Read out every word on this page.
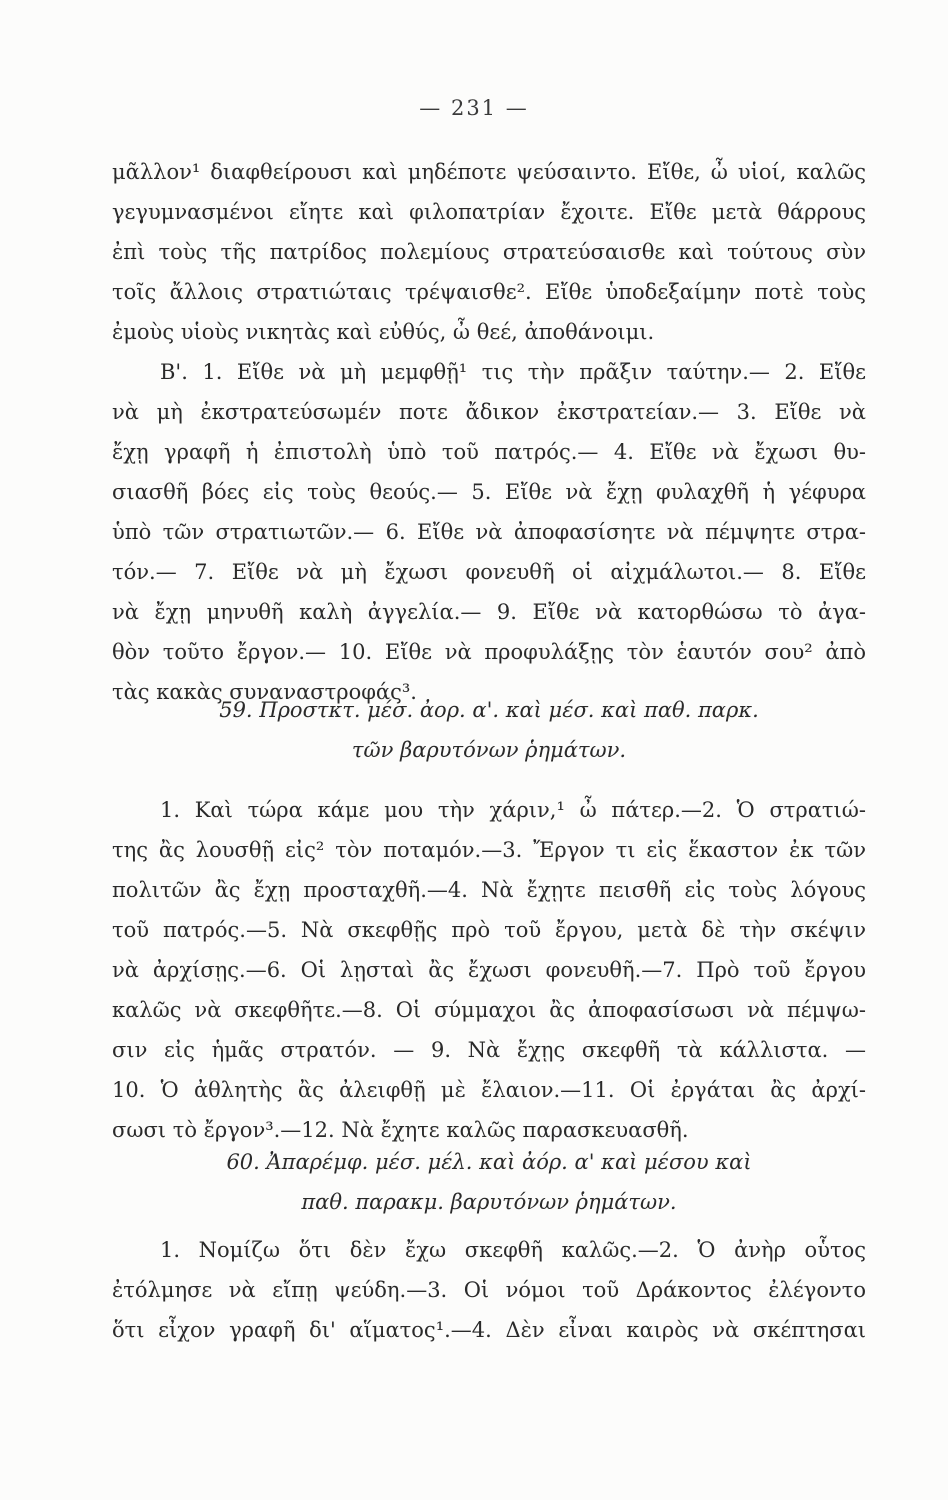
— 231 —
μᾶλλον¹ διαφθείρουσι καὶ μηδέποτε ψεύσαιντο. Εἴθε, ὦ υἱοί, καλῶς
γεγυμνασμένοι εἴητε καὶ φιλοπατρίαν ἔχοιτε. Εἴθε μετὰ θάρρους
ἐπὶ τοὺς τῆς πατρίδος πολεμίους στρατεύσαισθε καὶ τούτους σὺν
τοῖς ἄλλοις στρατιώταις τρέψαισθε². Εἴθε ὑποδεξαίμην ποτὲ τοὺς
ἐμοὺς υἱοὺς νικητὰς καὶ εὐθύς, ὦ θεέ, ἀποθάνοιμι.
Β'. 1. Εἴθε νὰ μὴ μεμφθῇ¹ τις τὴν πρᾶξιν ταύτην.— 2. Εἴθε
νὰ μὴ ἐκστρατεύσωμέν ποτε ἄδικον ἐκστρατείαν.— 3. Εἴθε νὰ
ἔχῃ γραφῆ ἡ ἐπιστολὴ ὑπὸ τοῦ πατρός.— 4. Εἴθε νὰ ἔχωσι θυ-
σιασθῆ βόες εἰς τοὺς θεούς.— 5. Εἴθε νὰ ἔχῃ φυλαχθῆ ἡ γέφυρα
ὑπὸ τῶν στρατιωτῶν.— 6. Εἴθε νὰ ἀποφασίσητε νὰ πέμψητε στρα-
τόν.— 7. Εἴθε νὰ μὴ ἔχωσι φονευθῆ οἱ αἰχμάλωτοι.— 8. Εἴθε
νὰ ἔχῃ μηνυθῆ καλὴ ἀγγελία.— 9. Εἴθε νὰ κατορθώσω τὸ ἀγα-
θὸν τοῦτο ἔργον.— 10. Εἴθε νὰ προφυλάξῃς τὸν ἑαυτόν σου² ἀπὸ
τὰς κακὰς συναναστροφάς³.
59. Προστκτ. μέσ. ἀορ. α'. καὶ μέσ. καὶ παθ. παρκ.
τῶν βαρυτόνων ῥημάτων.
1. Καὶ τώρα κάμε μου τὴν χάριν,¹ ὦ πάτερ.—2. Ὁ στρατιώ-
της ἂς λουσθῇ εἰς² τὸν ποταμόν.—3. Ἔργον τι εἰς ἕκαστον ἐκ τῶν
πολιτῶν ἂς ἔχῃ προσταχθῆ.—4. Νὰ ἔχῃτε πεισθῆ εἰς τοὺς λόγους
τοῦ πατρός.—5. Νὰ σκεφθῇς πρὸ τοῦ ἔργου, μετὰ δὲ τὴν σκέψιν
νὰ ἀρχίσῃς.—6. Οἱ λῃσταὶ ἂς ἔχωσι φονευθῆ.—7. Πρὸ τοῦ ἔργου
καλῶς νὰ σκεφθῆτε.—8. Οἱ σύμμαχοι ἂς ἀποφασίσωσι νὰ πέμψω-
σιν εἰς ἡμᾶς στρατόν. — 9. Νὰ ἔχῃς σκεφθῆ τὰ κάλλιστα. —
10. Ὁ ἀθλητὴς ἂς ἀλειφθῇ μὲ ἔλαιον.—11. Οἱ ἐργάται ἂς ἀρχί-
σωσι τὸ ἔργον³.—12. Νὰ ἔχητε καλῶς παρασκευασθῆ.
60. Ἀπαρέμφ. μέσ. μέλ. καὶ ἀόρ. α' καὶ μέσου καὶ
παθ. παρακμ. βαρυτόνων ῥημάτων.
1. Νομίζω ὅτι δὲν ἔχω σκεφθῆ καλῶς.—2. Ὁ ἀνὴρ οὗτος
ἐτόλμησε νὰ εἴπῃ ψεύδη.—3. Οἱ νόμοι τοῦ Δράκοντος ἐλέγοντο
ὅτι εἶχον γραφῆ δι' αἵματος¹.—4. Δὲν εἶναι καιρὸς νὰ σκέπτησαι
